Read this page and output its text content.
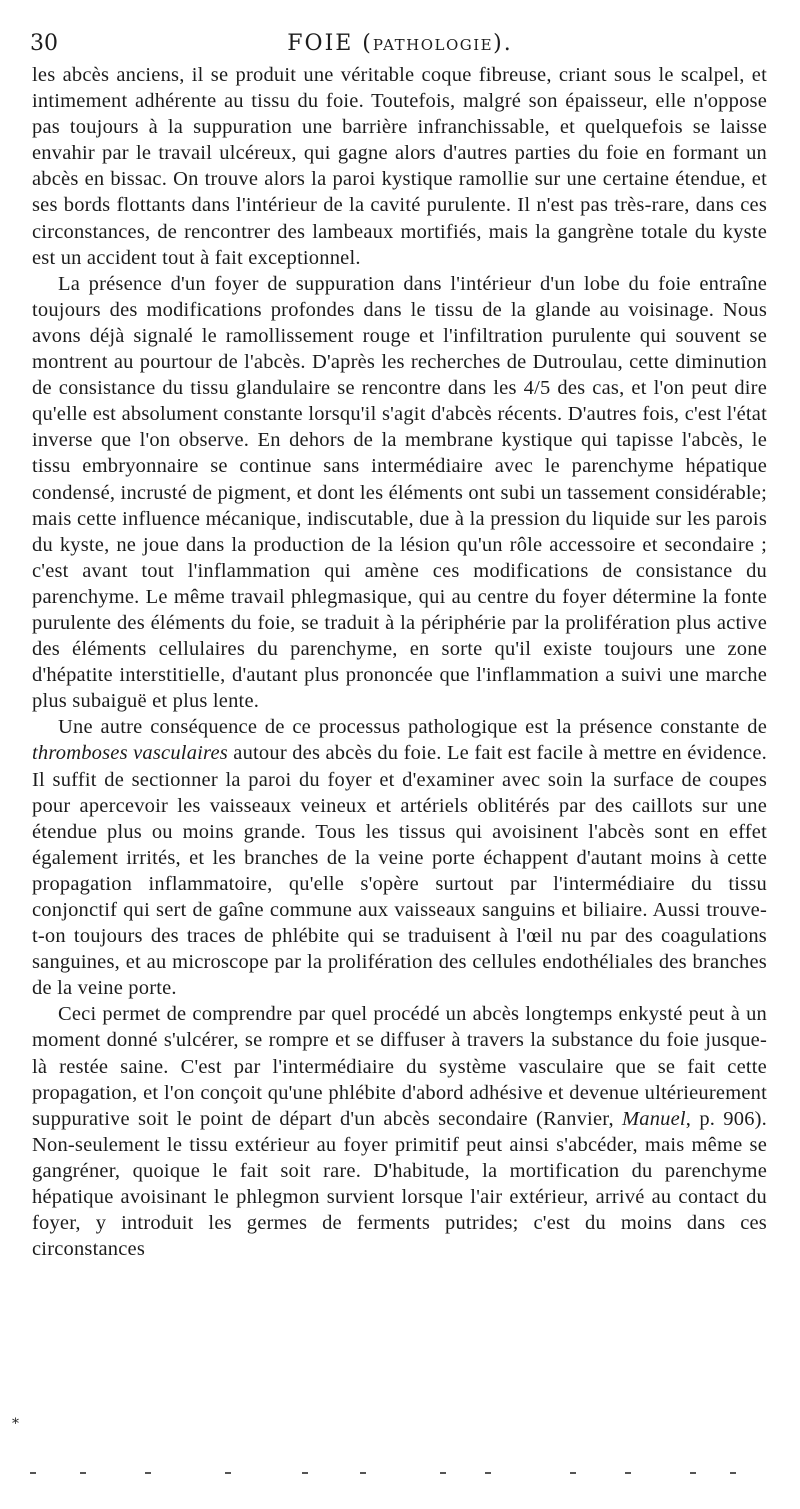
30	FOIE (PATHOLOGIE).

les abcès anciens, il se produit une véritable coque fibreuse, criant sous le scalpel, et intimement adhérente au tissu du foie. Toutefois, malgré son épaisseur, elle n'oppose pas toujours à la suppuration une barrière infranchissable, et quelquefois se laisse envahir par le travail ulcéreux, qui gagne alors d'autres parties du foie en formant un abcès en bissac. On trouve alors la paroi kystique ramollie sur une certaine étendue, et ses bords flottants dans l'intérieur de la cavité purulente. Il n'est pas très-rare, dans ces circonstances, de rencontrer des lambeaux mortifiés, mais la gangrène totale du kyste est un accident tout à fait exceptionnel.

La présence d'un foyer de suppuration dans l'intérieur d'un lobe du foie entraîne toujours des modifications profondes dans le tissu de la glande au voisinage. Nous avons déjà signalé le ramollissement rouge et l'infiltration purulente qui souvent se montrent au pourtour de l'abcès. D'après les recherches de Dutroulau, cette diminution de consistance du tissu glandulaire se rencontre dans les 4/5 des cas, et l'on peut dire qu'elle est absolument constante lorsqu'il s'agit d'abcès récents. D'autres fois, c'est l'état inverse que l'on observe. En dehors de la membrane kystique qui tapisse l'abcès, le tissu embryonnaire se continue sans intermédiaire avec le parenchyme hépatique condensé, incrusté de pigment, et dont les éléments ont subi un tassement considérable; mais cette influence mécanique, indiscutable, due à la pression du liquide sur les parois du kyste, ne joue dans la production de la lésion qu'un rôle accessoire et secondaire ; c'est avant tout l'inflammation qui amène ces modifications de consistance du parenchyme. Le même travail phlegmasique, qui au centre du foyer détermine la fonte purulente des éléments du foie, se traduit à la périphérie par la prolifération plus active des éléments cellulaires du parenchyme, en sorte qu'il existe toujours une zone d'hépatite interstitielle, d'autant plus prononcée que l'inflammation a suivi une marche plus subaiguë et plus lente.

Une autre conséquence de ce processus pathologique est la présence constante de thromboses vasculaires autour des abcès du foie. Le fait est facile à mettre en évidence. Il suffit de sectionner la paroi du foyer et d'examiner avec soin la surface de coupes pour apercevoir les vaisseaux veineux et artériels oblitérés par des caillots sur une étendue plus ou moins grande. Tous les tissus qui avoisinent l'abcès sont en effet également irrités, et les branches de la veine porte échappent d'autant moins à cette propagation inflammatoire, qu'elle s'opère surtout par l'intermédiaire du tissu conjonctif qui sert de gaîne commune aux vaisseaux sanguins et biliaire. Aussi trouve-t-on toujours des traces de phlébite qui se traduisent à l'œil nu par des coagulations sanguines, et au microscope par la prolifération des cellules endothéliales des branches de la veine porte.

Ceci permet de comprendre par quel procédé un abcès longtemps enkysté peut à un moment donné s'ulcérer, se rompre et se diffuser à travers la substance du foie jusque-là restée saine. C'est par l'intermédiaire du système vasculaire que se fait cette propagation, et l'on conçoit qu'une phlébite d'abord adhésive et devenue ultérieurement suppurative soit le point de départ d'un abcès secondaire (Ranvier, Manuel, p. 906). Non-seulement le tissu extérieur au foyer primitif peut ainsi s'abcéder, mais même se gangréner, quoique le fait soit rare. D'habitude, la mortification du parenchyme hépatique avoisinant le phlegmon survient lorsque l'air extérieur, arrivé au contact du foyer, y introduit les germes de ferments putrides; c'est du moins dans ces circonstances

*
